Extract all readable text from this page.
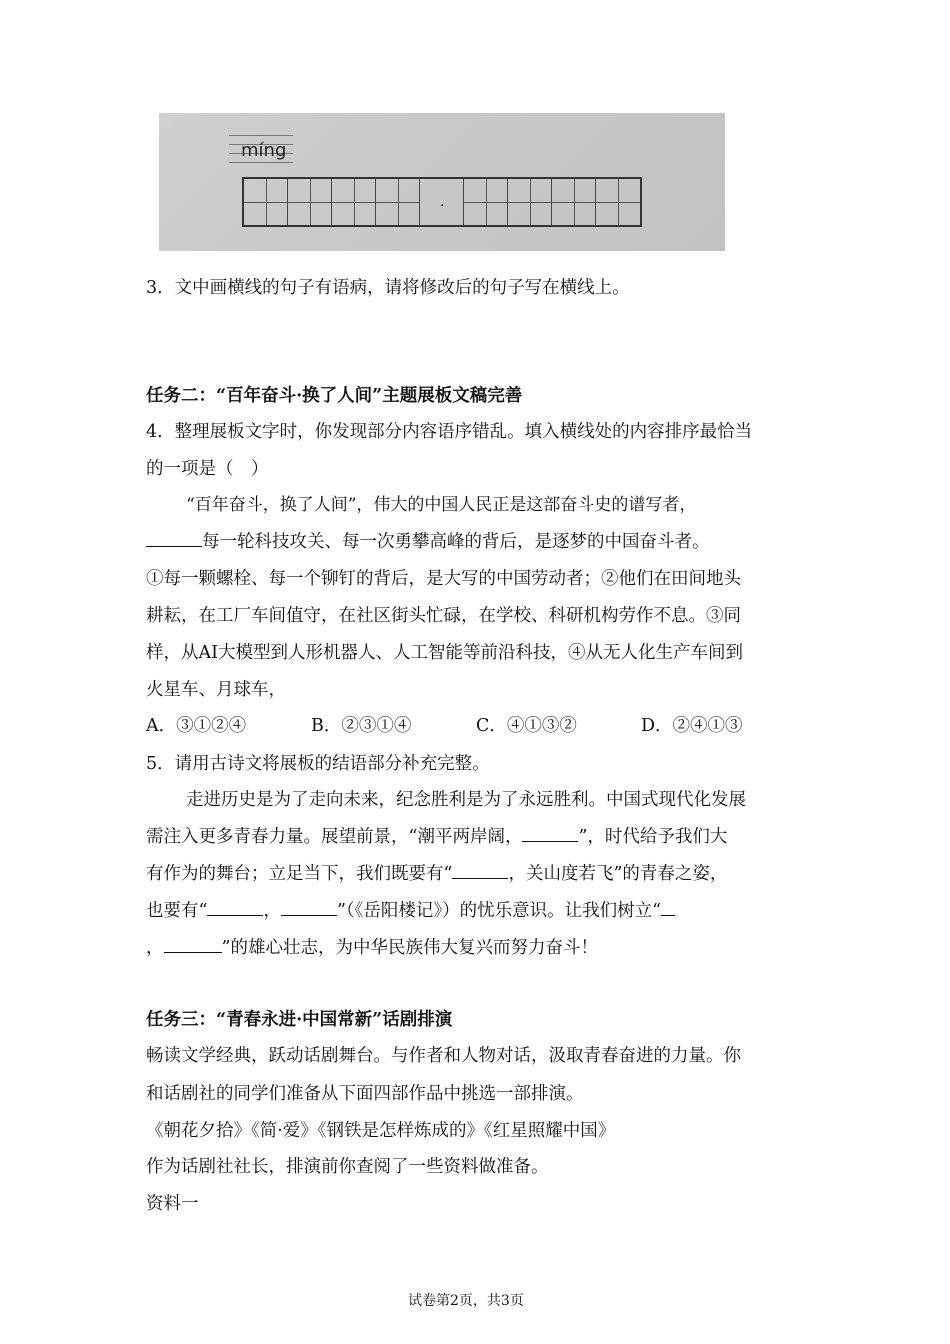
míng
·
3．文中画横线的句子有语病，请将修改后的句子写在横线上。
任务二：“百年奋斗·换了人间”主题展板文稿完善
4．整理展板文字时，你发现部分内容语序错乱。填入横线处的内容排序最恰当
的一项是（　）
“百年奋斗，换了人间”，伟大的中国人民正是这部奋斗史的谱写者，
每一轮科技攻关、每一次勇攀高峰的背后，是逐梦的中国奋斗者。
①每一颗螺栓、每一个铆钉的背后，是大写的中国劳动者；②他们在田间地头
耕耘，在工厂车间值守，在社区街头忙碌，在学校、科研机构劳作不息。③同
样，从AI大模型到人形机器人、人工智能等前沿科技，④从无人化生产车间到
火星车、月球车，
A．③①②④	B．②③①④	C．④①③②	D．②④①③
5．请用古诗文将展板的结语部分补充完整。
走进历史是为了走向未来，纪念胜利是为了永远胜利。中国式现代化发展
需注入更多青春力量。展望前景，“潮平两岸阔，	”，时代给予我们大
有作为的舞台；立足当下，我们既要有“	，关山度若飞”的青春之姿，
也要有“	，	”（《岳阳楼记》）的忧乐意识。让我们树立“
，	”的雄心壮志，为中华民族伟大复兴而努力奋斗！
任务三：“青春永进·中国常新”话剧排演
畅读文学经典，跃动话剧舞台。与作者和人物对话，汲取青春奋进的力量。你
和话剧社的同学们准备从下面四部作品中挑选一部排演。
《朝花夕拾》《简·爱》《钢铁是怎样炼成的》《红星照耀中国》
作为话剧社社长，排演前你查阅了一些资料做准备。
资料一
试卷第2页，共3页
